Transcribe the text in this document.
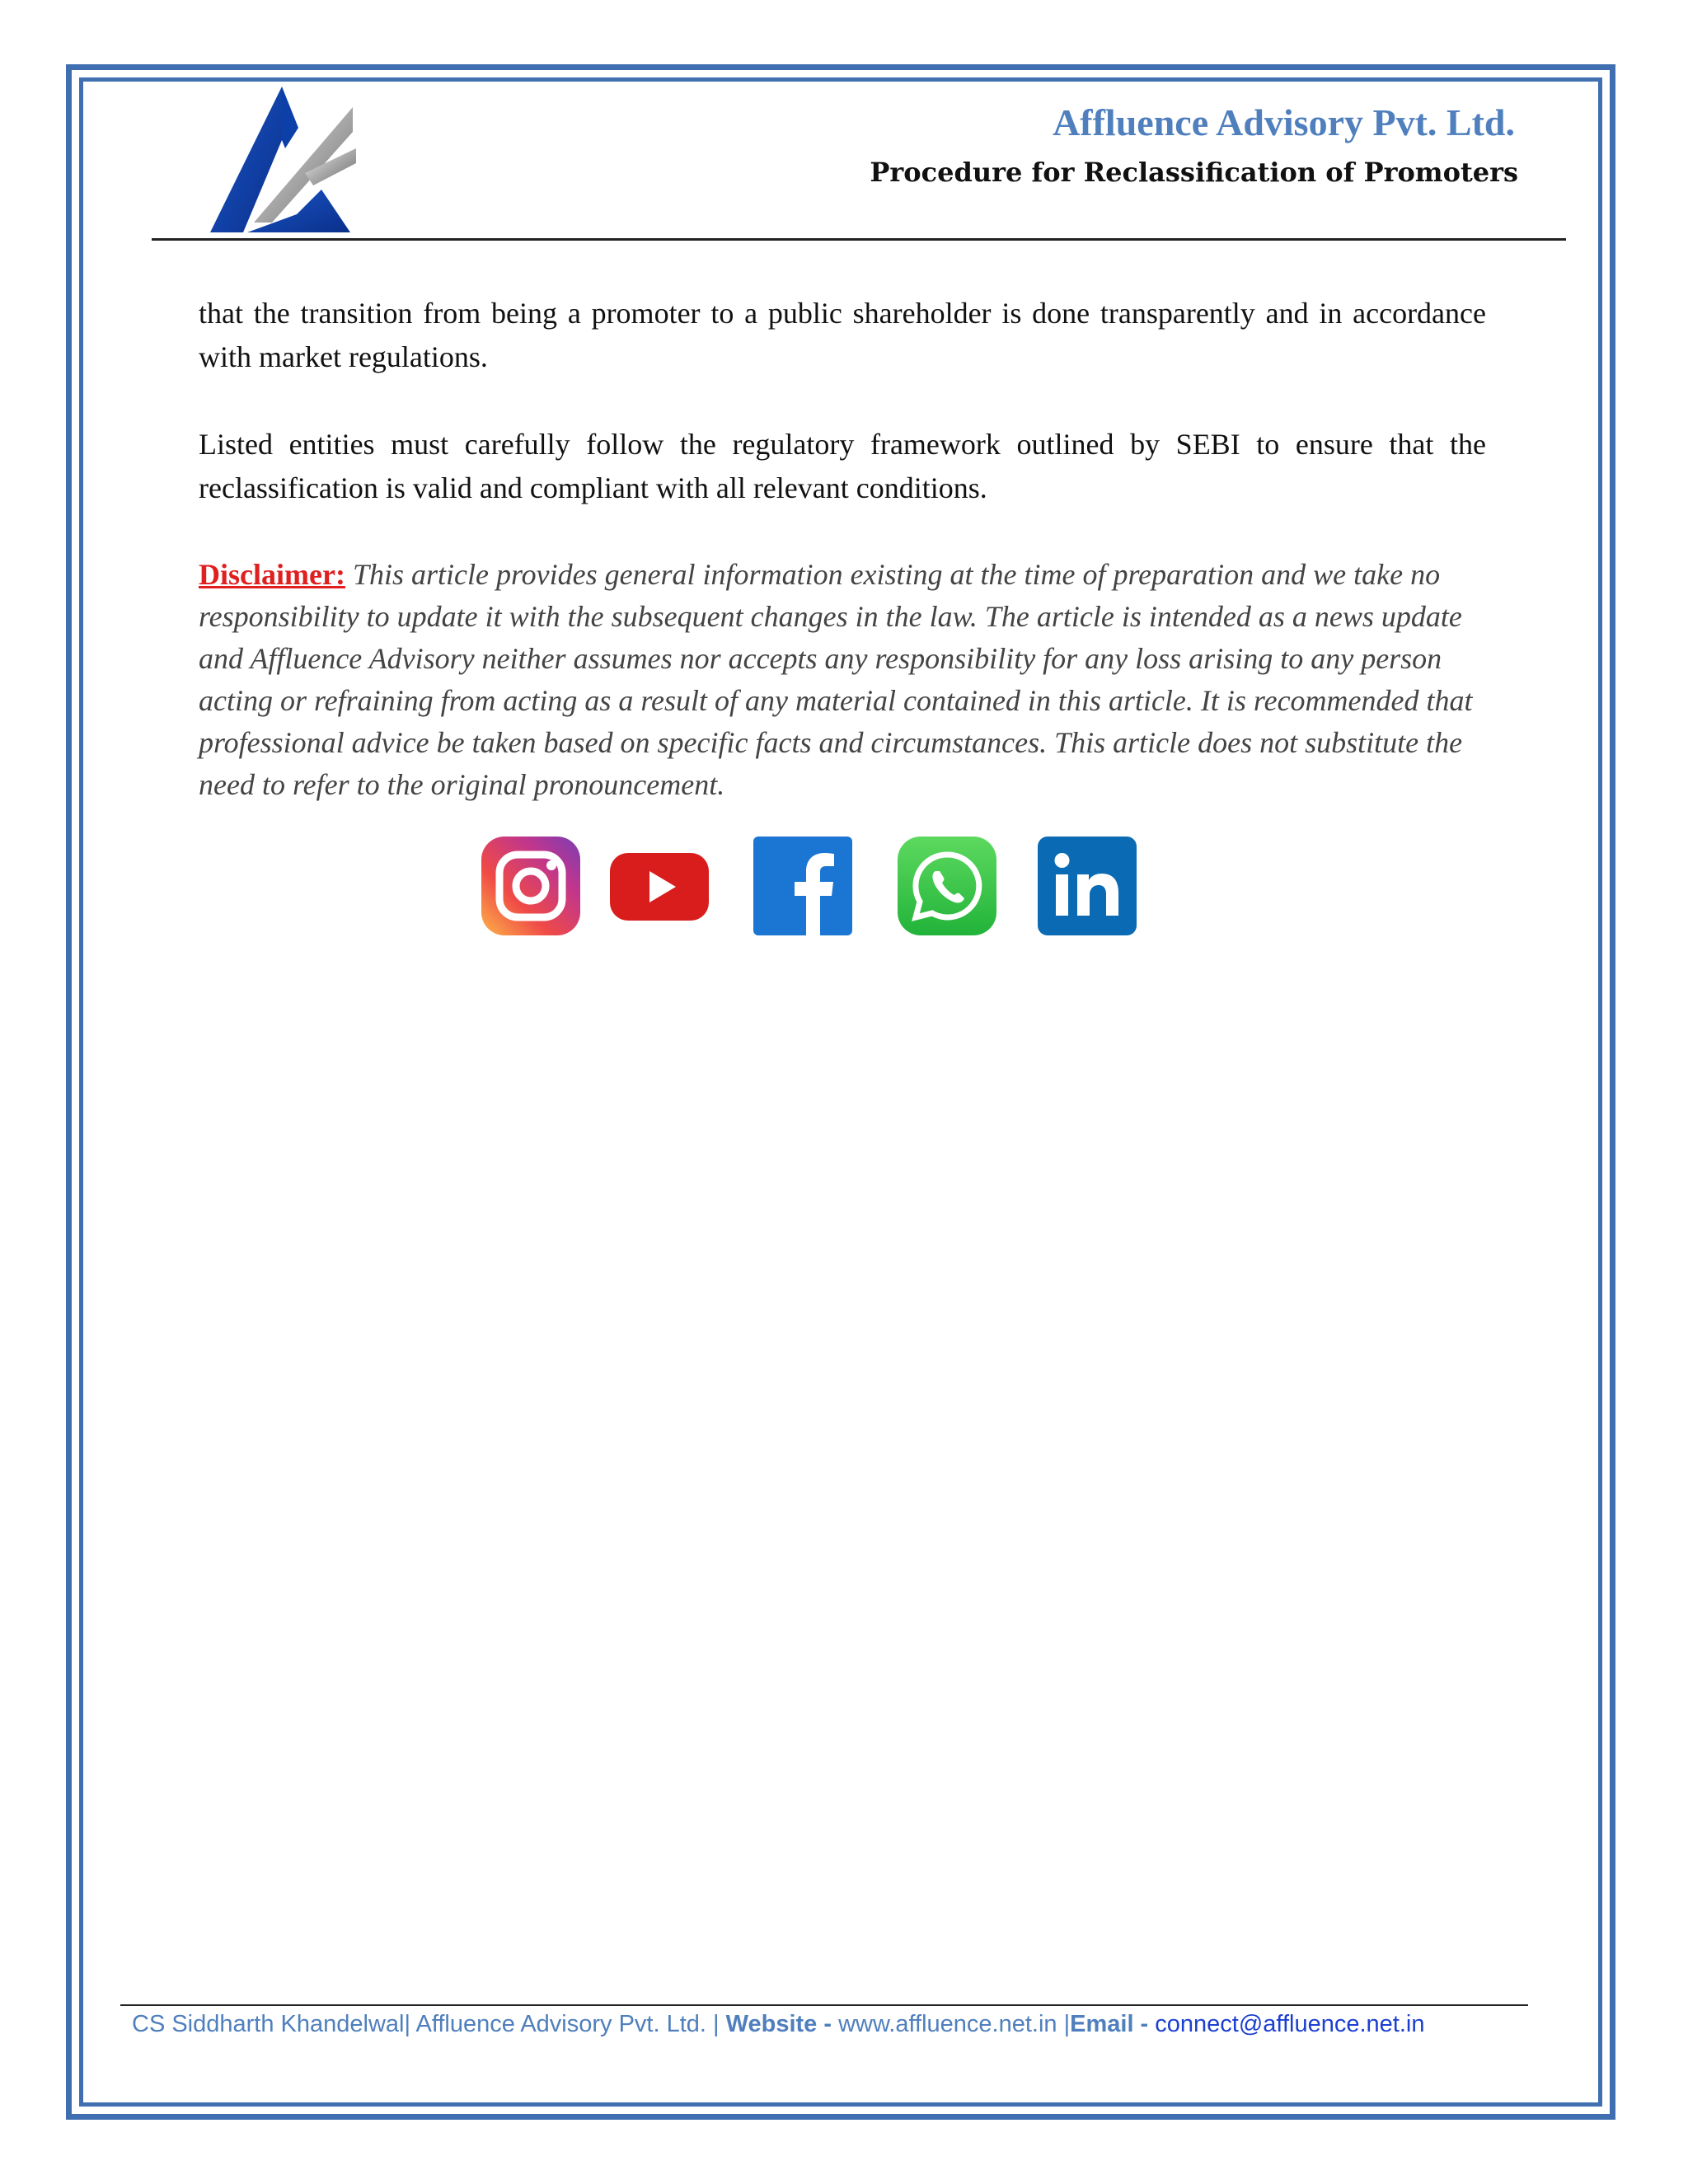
Affluence Advisory Pvt. Ltd.
Procedure for Reclassification of Promoters

that the transition from being a promoter to a public shareholder is done transparently and in accordance with market regulations.

Listed entities must carefully follow the regulatory framework outlined by SEBI to ensure that the reclassification is valid and compliant with all relevant conditions.

Disclaimer: This article provides general information existing at the time of preparation and we take no responsibility to update it with the subsequent changes in the law. The article is intended as a news update and Affluence Advisory neither assumes nor accepts any responsibility for any loss arising to any person acting or refraining from acting as a result of any material contained in this article. It is recommended that professional advice be taken based on specific facts and circumstances. This article does not substitute the need to refer to the original pronouncement.

CS Siddharth Khandelwal| Affluence Advisory Pvt. Ltd. | Website - www.affluence.net.in |Email - connect@affluence.net.in
